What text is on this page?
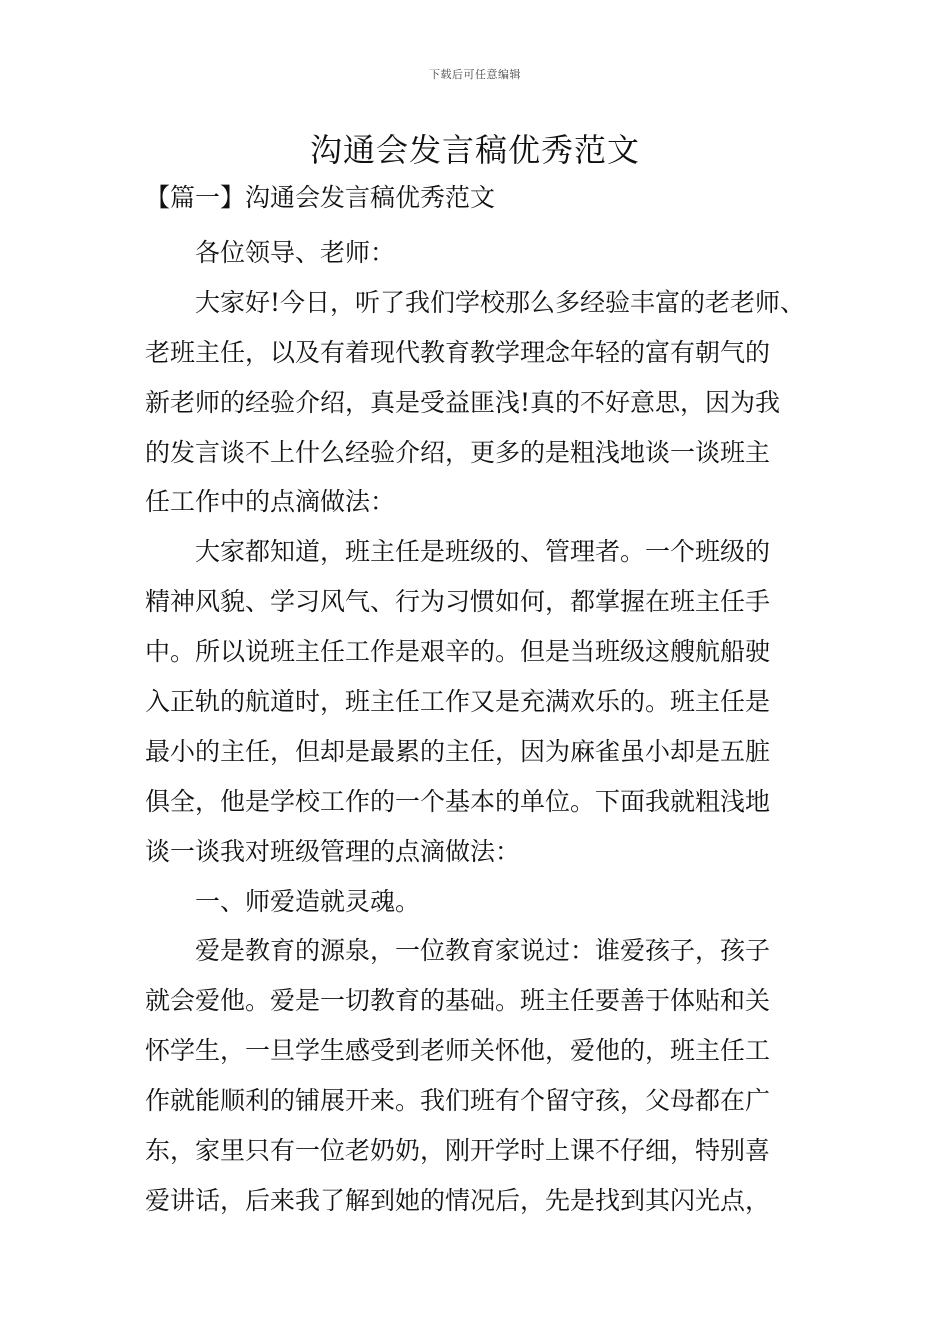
下载后可任意编辑
沟通会发言稿优秀范文
【篇一】沟通会发言稿优秀范文

各位领导、老师：

大家好!今日，听了我们学校那么多经验丰富的老老师、
老班主任，以及有着现代教育教学理念年轻的富有朝气的
新老师的经验介绍，真是受益匪浅!真的不好意思，因为我
的发言谈不上什么经验介绍，更多的是粗浅地谈一谈班主
任工作中的点滴做法：

大家都知道，班主任是班级的、管理者。一个班级的
精神风貌、学习风气、行为习惯如何，都掌握在班主任手
中。所以说班主任工作是艰辛的。但是当班级这艘航船驶
入正轨的航道时，班主任工作又是充满欢乐的。班主任是
最小的主任，但却是最累的主任，因为麻雀虽小却是五脏
俱全，他是学校工作的一个基本的单位。下面我就粗浅地
谈一谈我对班级管理的点滴做法：

一、师爱造就灵魂。

爱是教育的源泉，一位教育家说过：谁爱孩子，孩子
就会爱他。爱是一切教育的基础。班主任要善于体贴和关
怀学生，一旦学生感受到老师关怀他，爱他的，班主任工
作就能顺利的铺展开来。我们班有个留守孩，父母都在广
东，家里只有一位老奶奶，刚开学时上课不仔细，特别喜
爱讲话，后来我了解到她的情况后，先是找到其闪光点，
